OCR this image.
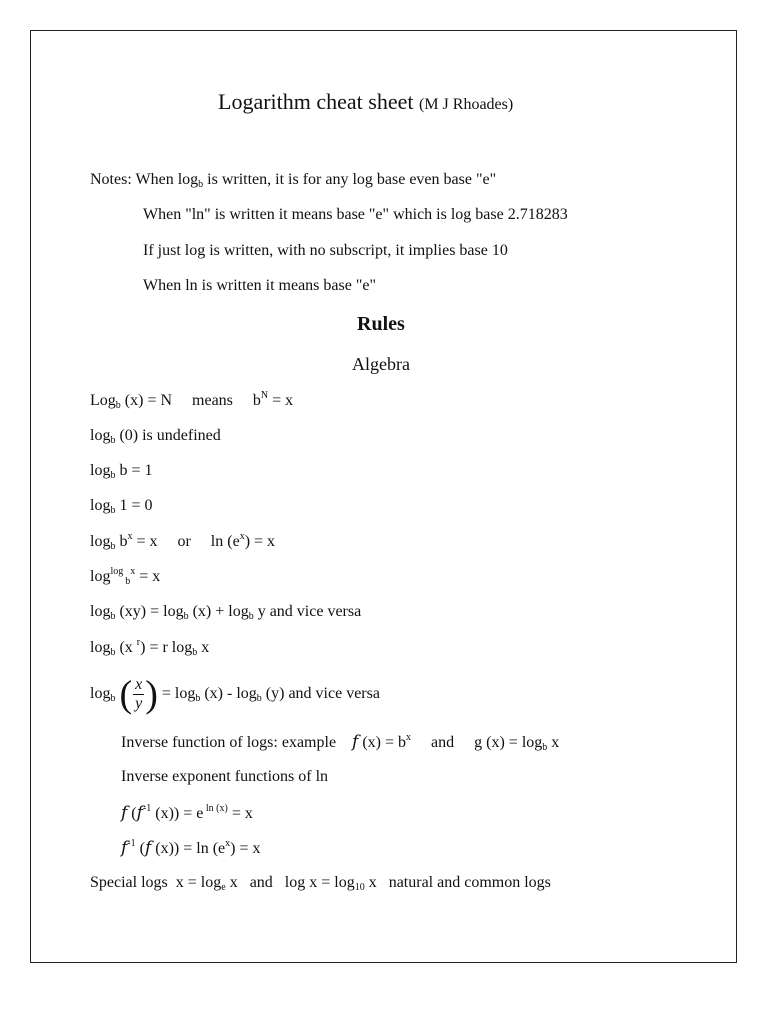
Logarithm cheat sheet (M J Rhoades)
Notes: When $\log_b$ is written, it is for any log base even base "e"
When "ln" is written it means base "e" which is log base 2.718283
If just log is written, with no subscript, it implies base 10
When ln is written it means base "e"
Rules
Algebra
Log$_b$ (x) = N     means     $b^N = x$
$\log_b (0)$ is undefined
$\log_b b = 1$
$\log_b 1 = 0$
$\log_b b^x = x$     or     $\ln (e^x) = x$
$\log^{log}_b^x = x$
$\log_b (xy) = \log_b (x) + \log_b y$ and vice versa
$\log_b (x$ $^r$) = r $\log_b x$
$\log_b$ ( $\frac{x}{y}$ ) = $\log_b (x) - \log_b (y)$ and vice versa
Inverse function of logs: example    f $(x) = b^x$     and     g $(x) = \log_b x$
Inverse exponent functions of ln
f ($f^{-1}$ (x)) = e $^{ln (x)}$ = x
$f^{-1}$ (f $(x)) = \ln (e^x) = x$
Special logs  $x = \log_e x$   and   $\log x = \log_{10} x$   natural and common logs
